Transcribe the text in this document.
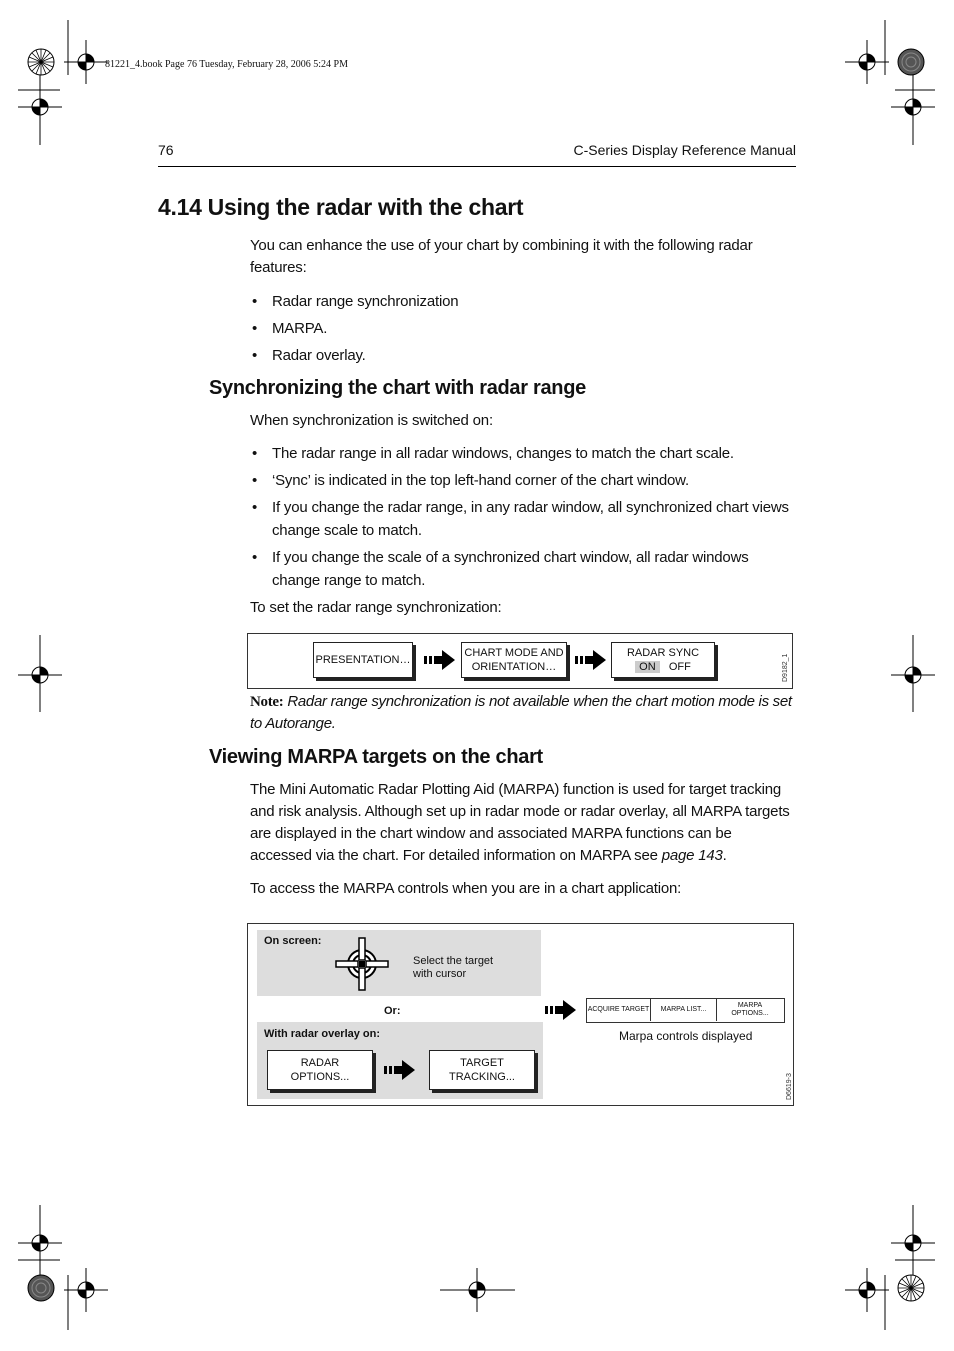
81221_4.book Page 76 Tuesday, February 28, 2006 5:24 PM
76	C-Series Display Reference Manual
4.14 Using the radar with the chart
You can enhance the use of your chart by combining it with the following radar features:
• Radar range synchronization
• MARPA.
• Radar overlay.
Synchronizing the chart with radar range
When synchronization is switched on:
• The radar range in all radar windows, changes to match the chart scale.
• ‘Sync’ is indicated in the top left-hand corner of the chart window.
• If you change the radar range, in any radar window, all synchronized chart views change scale to match.
• If you change the scale of a synchronized chart window, all radar windows change range to match.
To set the radar range synchronization:
PRESENTATION…
CHART MODE AND
ORIENTATION…
RADAR SYNC
ON OFF	D9182_1
Note: Radar range synchronization is not available when the chart motion mode is set to Autorange.
Viewing MARPA targets on the chart
The Mini Automatic Radar Plotting Aid (MARPA) function is used for target tracking and risk analysis. Although set up in radar mode or radar overlay, all MARPA targets are displayed in the chart window and associated MARPA functions can be accessed via the chart. For detailed information on MARPA see page 143.
To access the MARPA controls when you are in a chart application:
On screen:
Select the target
with cursor
Or:
With radar overlay on:
RADAR
OPTIONS...
TARGET
TRACKING...
ACQUIRE TARGET	MARPA LIST...
MARPA
OPTIONS...
Marpa controls displayed
D6619-3
